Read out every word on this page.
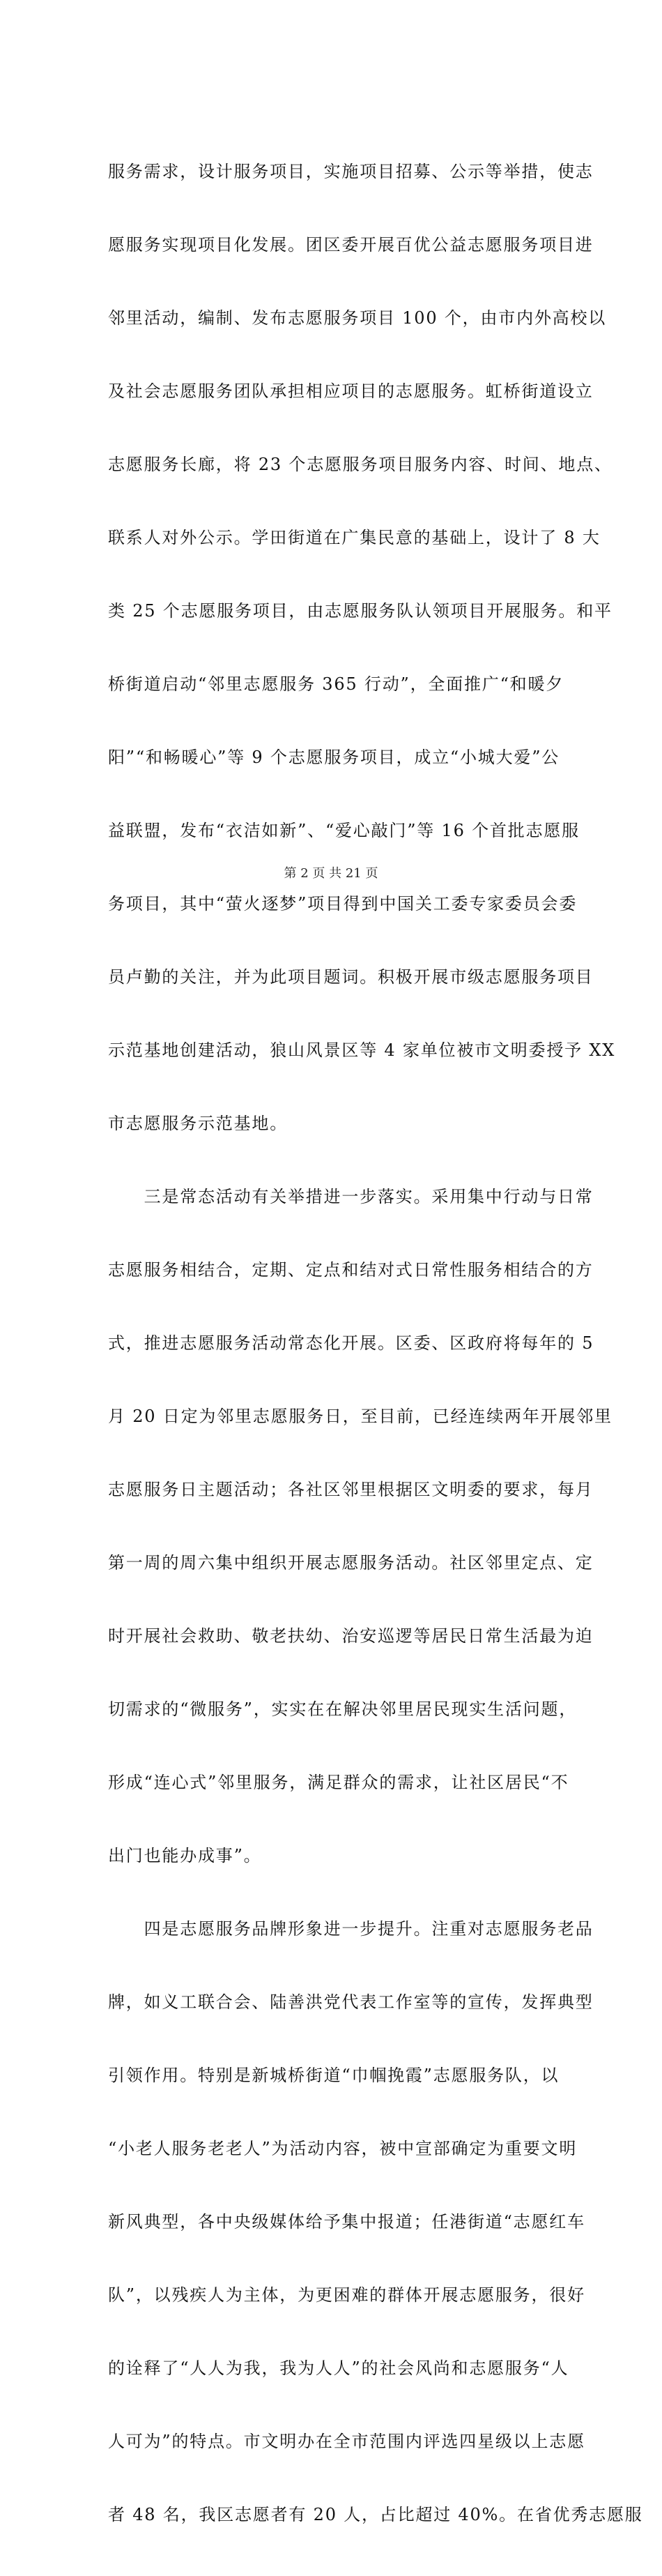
服务需求，设计服务项目，实施项目招募、公示等举措，使志

愿服务实现项目化发展。团区委开展百优公益志愿服务项目进

邻里活动，编制、发布志愿服务项目 100 个，由市内外高校以

及社会志愿服务团队承担相应项目的志愿服务。虹桥街道设立

志愿服务长廊，将 23 个志愿服务项目服务内容、时间、地点、

联系人对外公示。学田街道在广集民意的基础上，设计了 8 大

类 25 个志愿服务项目，由志愿服务队认领项目开展服务。和平

桥街道启动“邻里志愿服务 365 行动”，全面推广“和暖夕

阳”“和畅暖心”等 9 个志愿服务项目，成立“小城大爱”公

益联盟，发布“衣洁如新”、“爱心敲门”等 16 个首批志愿服

务项目，其中“萤火逐梦”项目得到中国关工委专家委员会委

员卢勤的关注，并为此项目题词。积极开展市级志愿服务项目

示范基地创建活动，狼山风景区等 4 家单位被市文明委授予 XX

市志愿服务示范基地。

　　三是常态活动有关举措进一步落实。采用集中行动与日常

志愿服务相结合，定期、定点和结对式日常性服务相结合的方

式，推进志愿服务活动常态化开展。区委、区政府将每年的 5

月 20 日定为邻里志愿服务日，至目前，已经连续两年开展邻里

志愿服务日主题活动；各社区邻里根据区文明委的要求，每月

第一周的周六集中组织开展志愿服务活动。社区邻里定点、定

时开展社会救助、敬老扶幼、治安巡逻等居民日常生活最为迫

切需求的“微服务”，实实在在解决邻里居民现实生活问题，

形成“连心式”邻里服务，满足群众的需求，让社区居民“不

出门也能办成事”。

　　四是志愿服务品牌形象进一步提升。注重对志愿服务老品

牌，如义工联合会、陆善洪党代表工作室等的宣传，发挥典型

引领作用。特别是新城桥街道“巾帼挽霞”志愿服务队，以

“小老人服务老老人”为活动内容，被中宣部确定为重要文明

新风典型，各中央级媒体给予集中报道；任港街道“志愿红车

队”，以残疾人为主体，为更困难的群体开展志愿服务，很好

的诠释了“人人为我，我为人人”的社会风尚和志愿服务“人

人可为”的特点。市文明办在全市范围内评选四星级以上志愿

者 48 名，我区志愿者有 20 人，占比超过 40%。在省优秀志愿服

第 2 页 共 21 页
